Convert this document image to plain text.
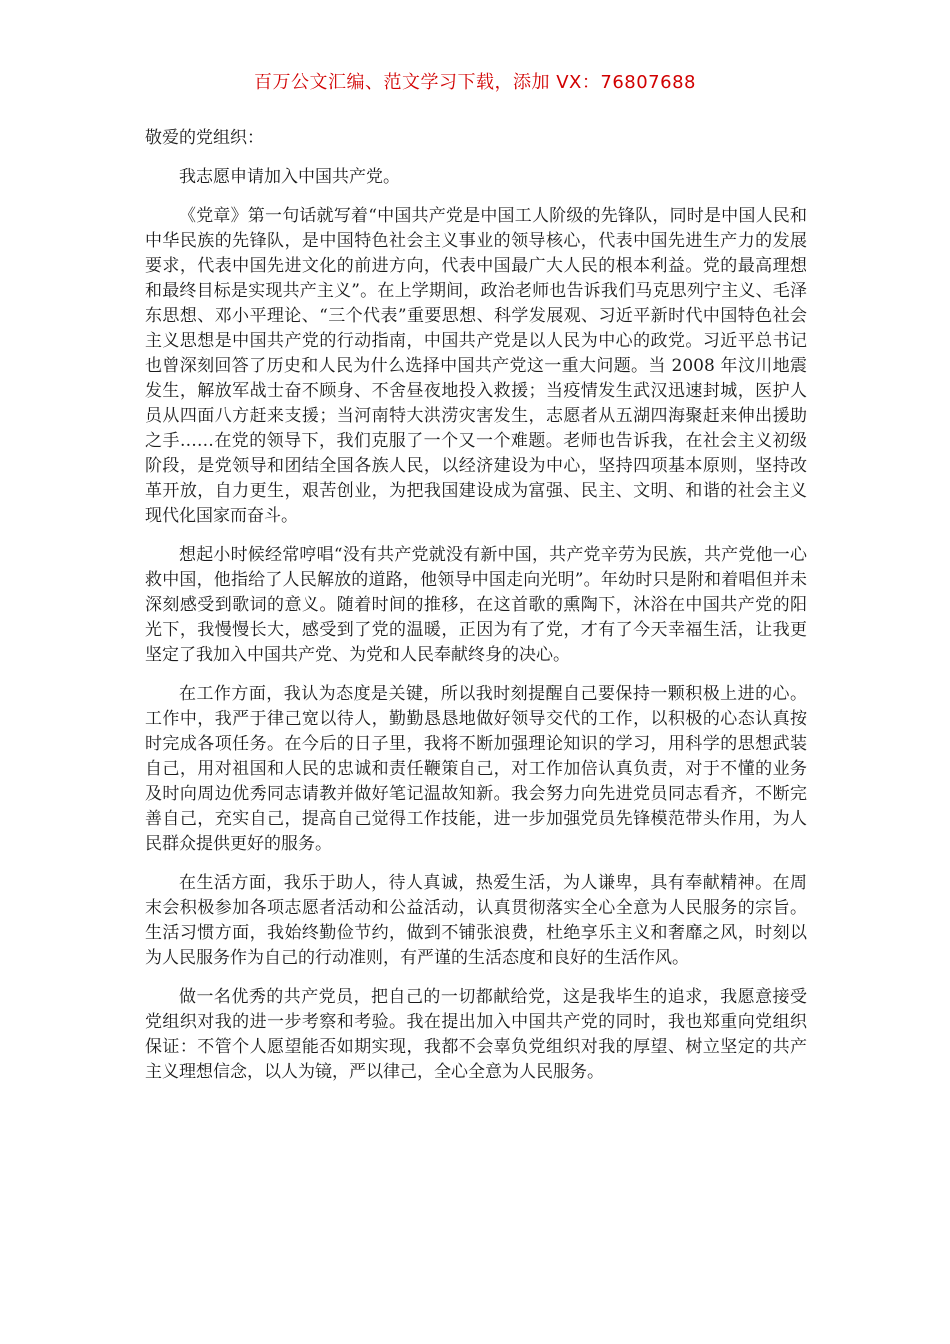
百万公文汇编、范文学习下载，添加 VX：76807688

敬爱的党组织：

我志愿申请加入中国共产党。

《党章》第一句话就写着“中国共产党是中国工人阶级的先锋队，同时是中国人民和中华民族的先锋队，是中国特色社会主义事业的领导核心，代表中国先进生产力的发展要求，代表中国先进文化的前进方向，代表中国最广大人民的根本利益。党的最高理想和最终目标是实现共产主义”。在上学期间，政治老师也告诉我们马克思列宁主义、毛泽东思想、邓小平理论、“三个代表”重要思想、科学发展观、习近平新时代中国特色社会主义思想是中国共产党的行动指南，中国共产党是以人民为中心的政党。习近平总书记也曾深刻回答了历史和人民为什么选择中国共产党这一重大问题。当 2008 年汶川地震发生，解放军战士奋不顾身、不舍昼夜地投入救援；当疫情发生武汉迅速封城，医护人员从四面八方赶来支援；当河南特大洪涝灾害发生，志愿者从五湖四海聚赶来伸出援助之手……在党的领导下，我们克服了一个又一个难题。老师也告诉我，在社会主义初级阶段，是党领导和团结全国各族人民，以经济建设为中心，坚持四项基本原则，坚持改革开放，自力更生，艰苦创业，为把我国建设成为富强、民主、文明、和谐的社会主义现代化国家而奋斗。

想起小时候经常哼唱“没有共产党就没有新中国，共产党辛劳为民族，共产党他一心救中国，他指给了人民解放的道路，他领导中国走向光明”。年幼时只是附和着唱但并未深刻感受到歌词的意义。随着时间的推移，在这首歌的熏陶下，沐浴在中国共产党的阳光下，我慢慢长大，感受到了党的温暖，正因为有了党，才有了今天幸福生活，让我更坚定了我加入中国共产党、为党和人民奉献终身的决心。

在工作方面，我认为态度是关键，所以我时刻提醒自己要保持一颗积极上进的心。工作中，我严于律己宽以待人，勤勤恳恳地做好领导交代的工作，以积极的心态认真按时完成各项任务。在今后的日子里，我将不断加强理论知识的学习，用科学的思想武装自己，用对祖国和人民的忠诚和责任鞭策自己，对工作加倍认真负责，对于不懂的业务及时向周边优秀同志请教并做好笔记温故知新。我会努力向先进党员同志看齐，不断完善自己，充实自己，提高自己觉得工作技能，进一步加强党员先锋模范带头作用，为人民群众提供更好的服务。

在生活方面，我乐于助人，待人真诚，热爱生活，为人谦卑，具有奉献精神。在周末会积极参加各项志愿者活动和公益活动，认真贯彻落实全心全意为人民服务的宗旨。生活习惯方面，我始终勤俭节约，做到不铺张浪费，杜绝享乐主义和奢靡之风，时刻以为人民服务作为自己的行动准则，有严谨的生活态度和良好的生活作风。

做一名优秀的共产党员，把自己的一切都献给党，这是我毕生的追求，我愿意接受党组织对我的进一步考察和考验。我在提出加入中国共产党的同时，我也郑重向党组织保证：不管个人愿望能否如期实现，我都不会辜负党组织对我的厚望、树立坚定的共产主义理想信念，以人为镜，严以律己，全心全意为人民服务。
